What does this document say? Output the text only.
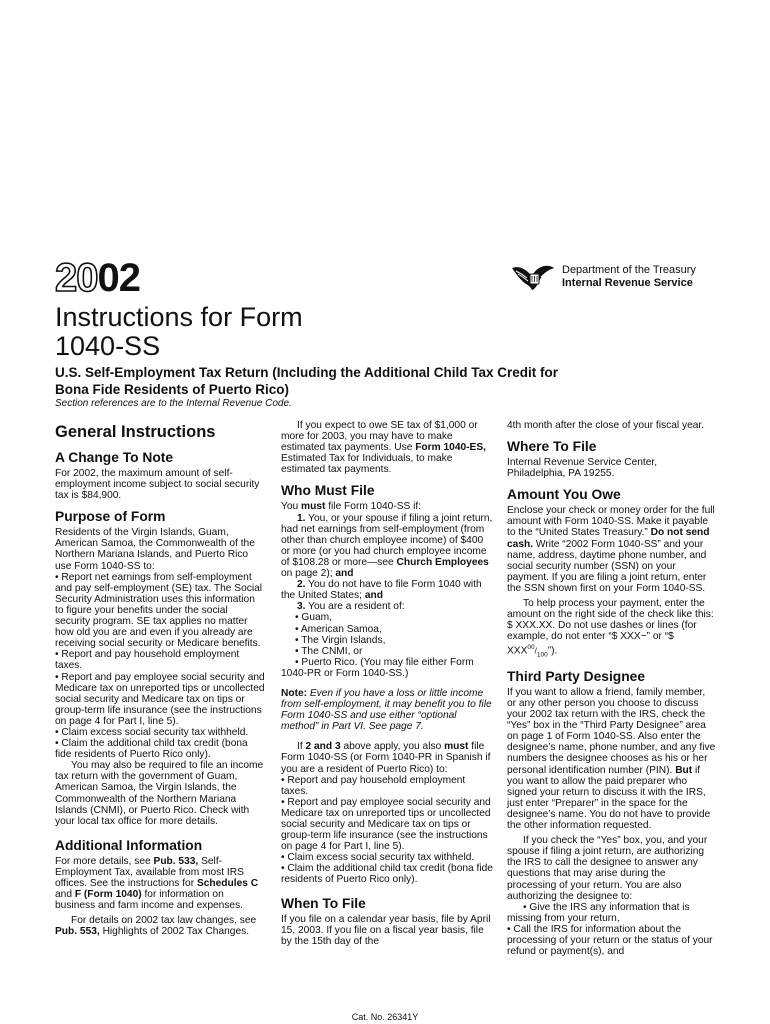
2002	Department of the Treasury
Internal Revenue Service
Instructions for Form
1040-SS
U.S. Self-Employment Tax Return (Including the Additional Child Tax Credit for
Bona Fide Residents of Puerto Rico)
Section references are to the Internal Revenue Code.
General Instructions
A Change To Note

For 2002, the maximum amount of self-employment income subject to social security tax is $84,900.

Purpose of Form

Residents of the Virgin Islands, Guam, American Samoa, the Commonwealth of the Northern Mariana Islands, and Puerto Rico use Form 1040-SS to:

• Report net earnings from self-employment and pay self-employment (SE) tax. The Social Security Administration uses this information to figure your benefits under the social security program. SE tax applies no matter how old you are and even if you already are receiving social security or Medicare benefits.

• Report and pay household employment taxes.

• Report and pay employee social security and Medicare tax on unreported tips or uncollected social security and Medicare tax on tips or group-term life insurance (see the instructions on page 4 for Part I, line 5).

• Claim excess social security tax withheld.

• Claim the additional child tax credit (bona fide residents of Puerto Rico only).

You may also be required to file an income tax return with the government of Guam, American Samoa, the Virgin Islands, the Commonwealth of the Northern Mariana Islands (CNMI), or Puerto Rico. Check with your local tax office for more details.

Additional Information

For more details, see Pub. 533, Self-Employment Tax, available from most IRS offices. See the instructions for Schedules C and F (Form 1040) for information on business and farm income and expenses.

For details on 2002 tax law changes, see Pub. 553, Highlights of 2002 Tax Changes.

If you expect to owe SE tax of $1,000 or more for 2003, you may have to make estimated tax payments. Use Form 1040-ES, Estimated Tax for Individuals, to make estimated tax payments.

Who Must File

You must file Form 1040-SS if:

1. You, or your spouse if filing a joint return, had net earnings from self-employment (from other than church employee income) of $400 or more (or you had church employee income of $108.28 or more—see Church Employees on page 2); and

2. You do not have to file Form 1040 with the United States; and

3. You are a resident of:

• Guam,

• American Samoa,

• The Virgin Islands,

• The CNMI, or

• Puerto Rico. (You may file either Form 1040-PR or Form 1040-SS.)

Note: Even if you have a loss or little income from self-employment, it may benefit you to file Form 1040-SS and use either “optional method” in Part VI. See page 7.

If 2 and 3 above apply, you also must file Form 1040-SS (or Form 1040-PR in Spanish if you are a resident of Puerto Rico) to:

• Report and pay household employment taxes.

• Report and pay employee social security and Medicare tax on unreported tips or uncollected social security and Medicare tax on tips or group-term life insurance (see the instructions on page 4 for Part I, line 5).

• Claim excess social security tax withheld.

• Claim the additional child tax credit (bona fide residents of Puerto Rico only).

When To File

If you file on a calendar year basis, file by April 15, 2003. If you file on a fiscal year basis, file by the 15th day of the

4th month after the close of your fiscal year.

Where To File

Internal Revenue Service Center, Philadelphia, PA 19255.

Amount You Owe

Enclose your check or money order for the full amount with Form 1040-SS. Make it payable to the “United States Treasury.” Do not send cash. Write “2002 Form 1040-SS” and your name, address, daytime phone number, and social security number (SSN) on your payment. If you are filing a joint return, enter the SSN shown first on your Form 1040-SS.

To help process your payment, enter the amount on the right side of the check like this: $ XXX.XX. Do not use dashes or lines (for example, do not enter “$ XXX−” or “$ $XXX^{00}/_{100}$”).

Third Party Designee

If you want to allow a friend, family member, or any other person you choose to discuss your 2002 tax return with the IRS, check the “Yes” box in the “Third Party Designee” area on page 1 of Form 1040-SS. Also enter the designee’s name, phone number, and any five numbers the designee chooses as his or her personal identification number (PIN). But if you want to allow the paid preparer who signed your return to discuss it with the IRS, just enter “Preparer” in the space for the designee’s name. You do not have to provide the other information requested.

If you check the “Yes” box, you, and your spouse if filing a joint return, are authorizing the IRS to call the designee to answer any questions that may arise during the processing of your return. You are also authorizing the designee to:

• Give the IRS any information that is missing from your return,

• Call the IRS for information about the processing of your return or the status of your refund or payment(s), and

Cat. No. 26341Y
